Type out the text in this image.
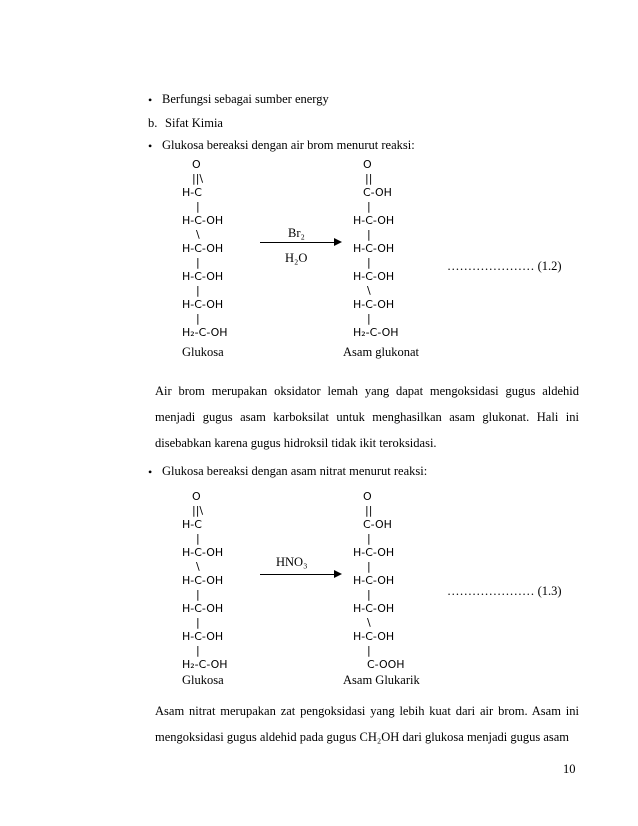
• Berfungsi sebagai sumber energy
b. Sifat Kimia
• Glukosa bereaksi dengan air brom menurut reaksi:
O
||\
H-C
|
H-C-OH
\
H-C-OH
|
H-C-OH
|
H-C-OH
|
H₂-C-OH
Br₂
H₂O
O
||
C-OH
|
H-C-OH
|
H-C-OH
|
H-C-OH
\
H-C-OH
|
H₂-C-OH
………………… (1.2)
Glukosa	Asam glukonat
Air brom merupakan oksidator lemah yang dapat mengoksidasi gugus aldehid menjadi gugus asam karboksilat untuk menghasilkan asam glukonat. Hali ini disebabkan karena gugus hidroksil tidak ikit teroksidasi.
• Glukosa bereaksi dengan asam nitrat menurut reaksi:
O
||\
H-C
|
H-C-OH
\
H-C-OH
|
H-C-OH
|
H-C-OH
|
H₂-C-OH
HNO₃
O
||
C-OH
|
H-C-OH
|
H-C-OH
|
H-C-OH
\
H-C-OH
|
C-OOH
………………… (1.3)
Glukosa	Asam Glukarik
Asam nitrat merupakan zat pengoksidasi yang lebih kuat dari air brom. Asam ini mengoksidasi gugus aldehid pada gugus CH₂OH dari glukosa menjadi gugus asam
10
